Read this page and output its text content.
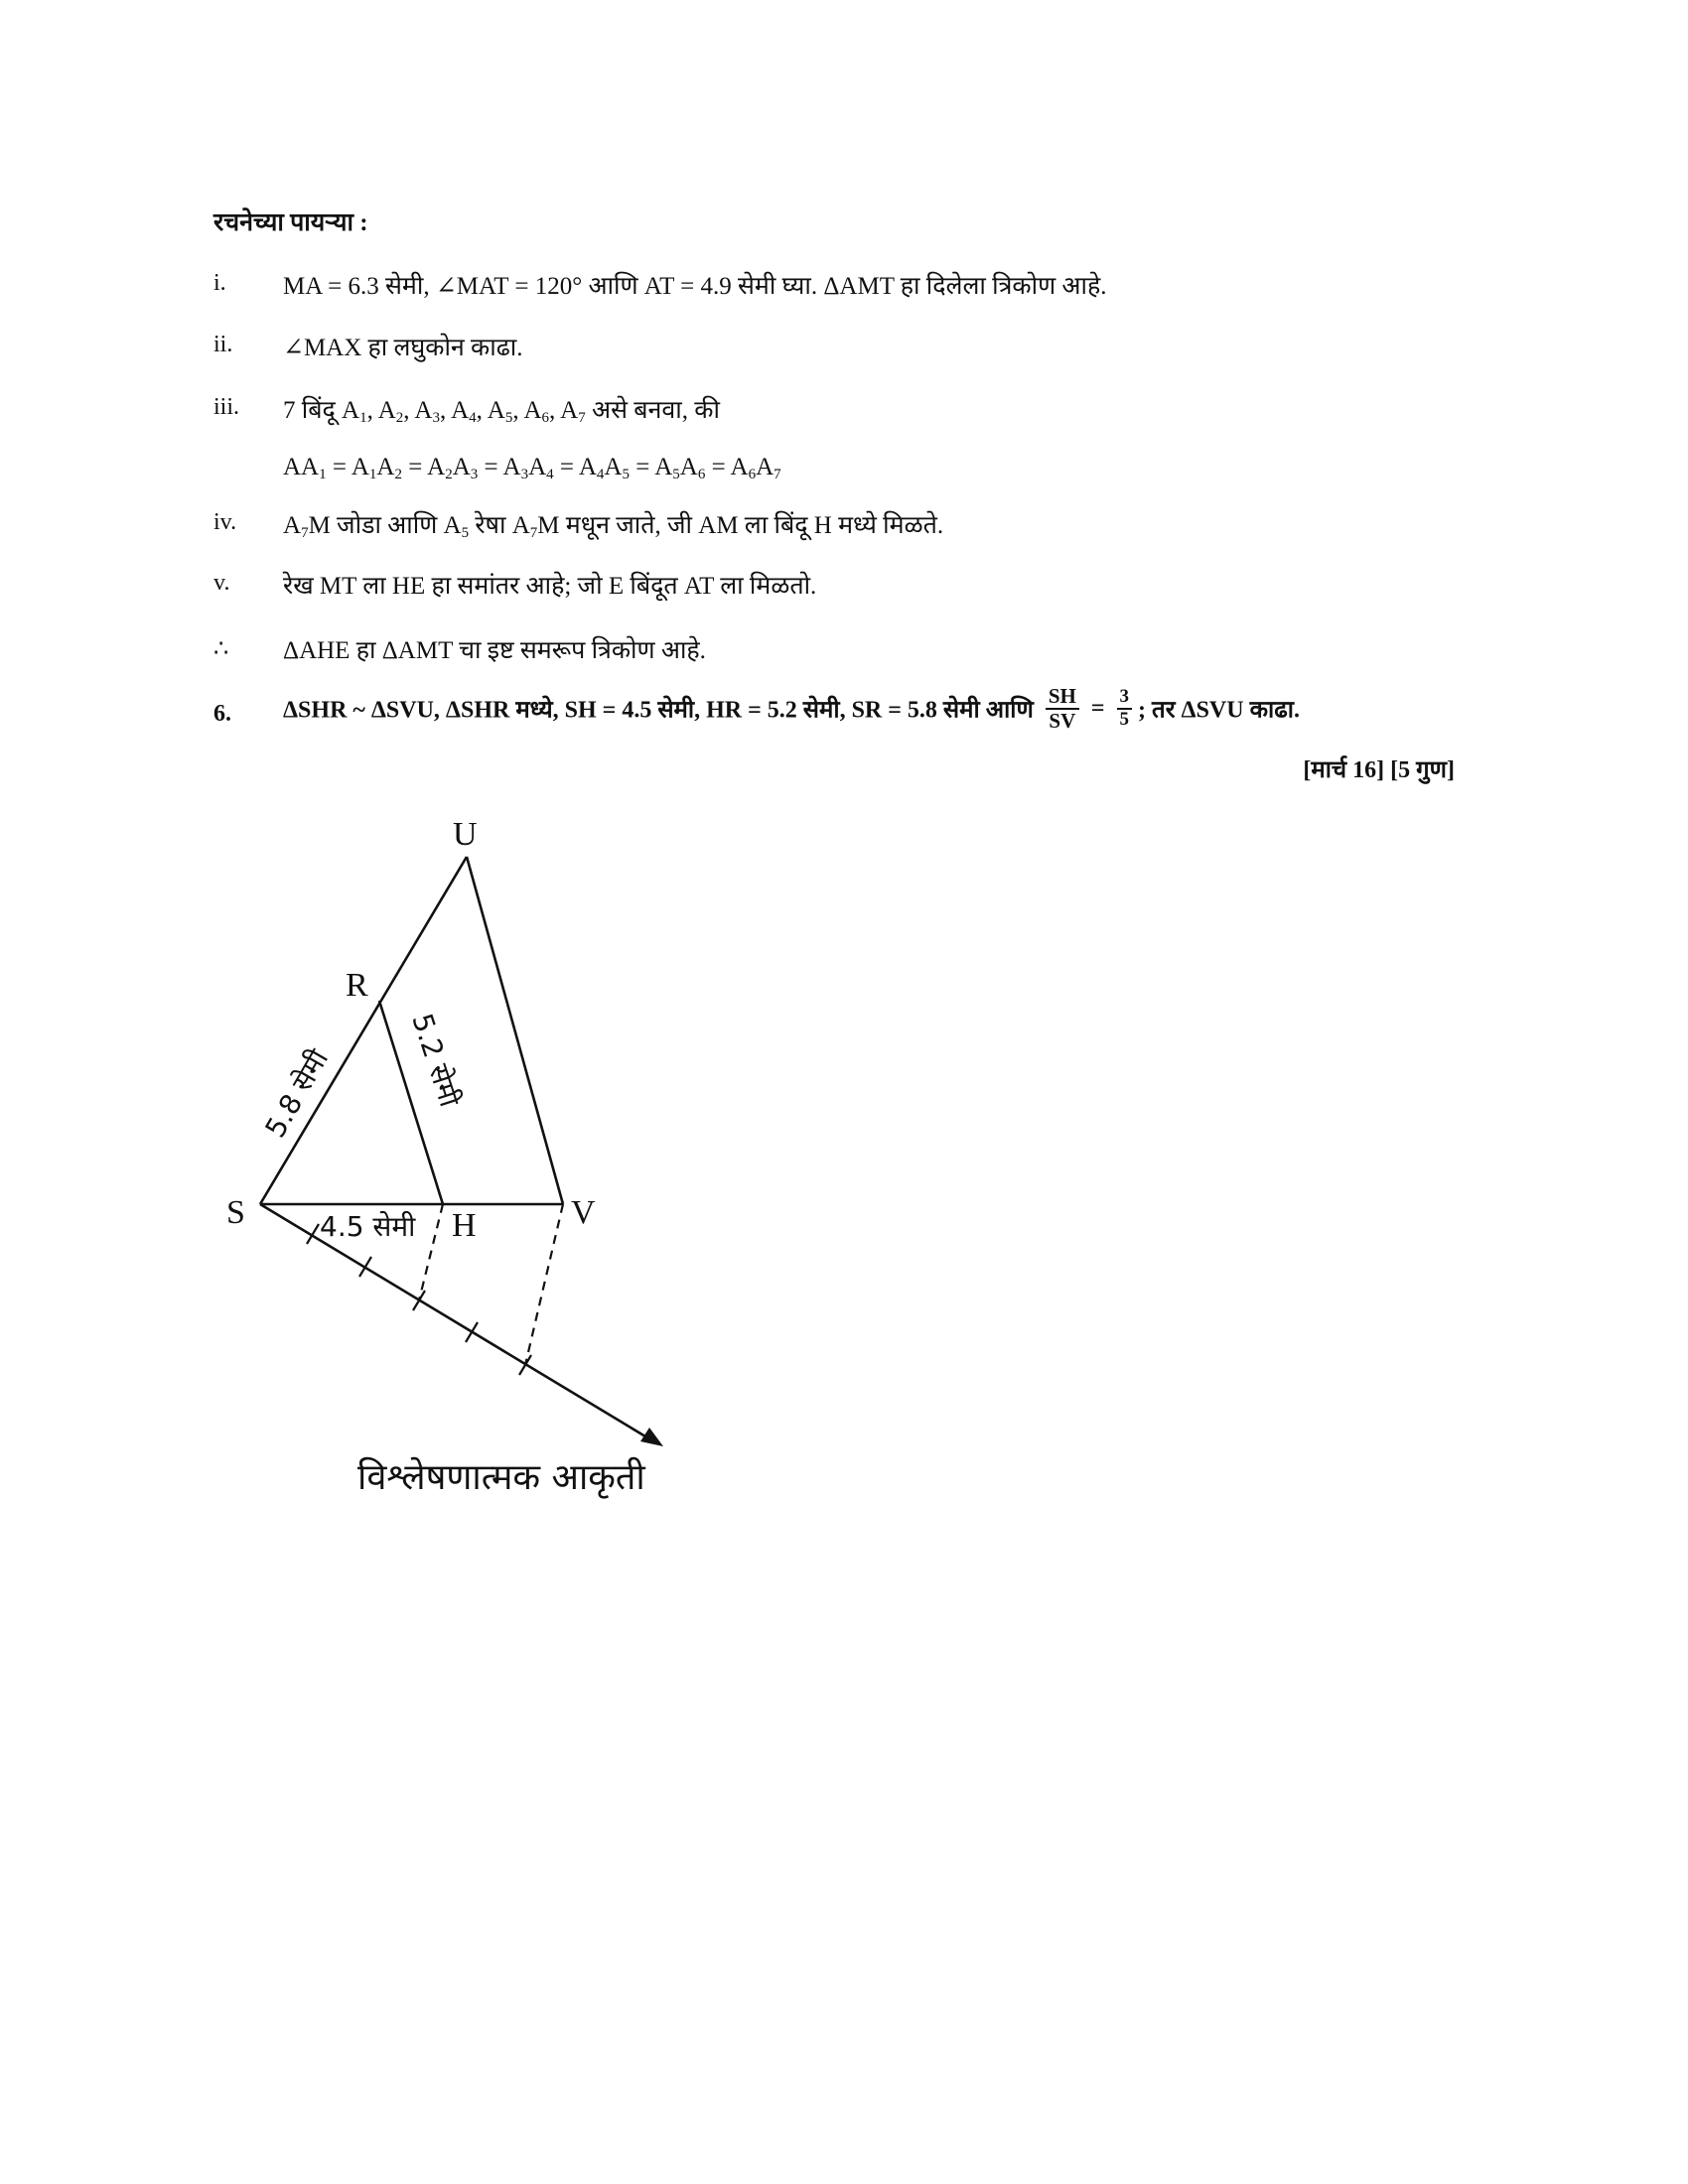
रचनेच्या पायऱ्या :
i. MA = 6.3 सेमी, ∠MAT = 120° आणि AT = 4.9 सेमी घ्या. ΔAMT हा दिलेला त्रिकोण आहे.
ii. ∠MAX हा लघुकोन काढा.
iii. 7 बिंदू $A_1$, $A_2$, $A_3$, $A_4$, $A_5$, $A_6$, $A_7$ असे बनवा, की
$AA_1 = A_1A_2 = A_2A_3 = A_3A_4 = A_4A_5 = A_5A_6 = A_6A_7$
iv. $A_7M$ जोडा आणि $A_5$ रेषा $A_7M$ मधून जाते, जी AM ला बिंदू H मध्ये मिळते.
v. रेख MT ला HE हा समांतर आहे; जो E बिंदूत AT ला मिळतो.
∴ ΔAHE हा ΔAMT चा इष्ट समरूप त्रिकोण आहे.
6. ΔSHR ~ ΔSVU, ΔSHR मध्ये, SH = 4.5 सेमी, HR = 5.2 सेमी, SR = 5.8 सेमी आणि $\frac{SH}{SV} = \frac{3}{5}$ ; तर ΔSVU काढा.
[मार्च 16] [5 गुण]
U
R
S	V
H
5.8 सेमी	5.2 सेमी
4.5 सेमी
विश्लेषणात्मक आकृती
